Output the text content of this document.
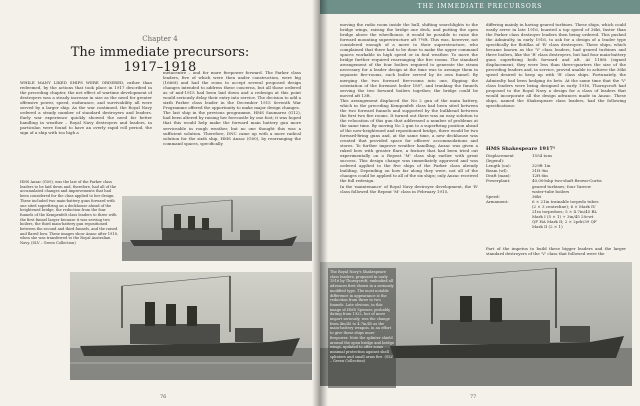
Chapter 4
The immediate precursors:
1917–1918
WHILE MANY LIKED SHIPS WERE ORDERED, rather than redeemed, by the actions that took place in 1917 described in the preceding chapter, the net effect of wartime development of destroyers was a steady increase in size as the need for greater offensive power, speed, endurance, and survivability all were served by a larger ship. As the war continued, the Royal Navy ordered a steady number of standard destroyers and leaders. Early war experience quickly showed the need for better handling in weather – Royal Navy destroyers and leaders, in particular, were found to have an overly rapid roll period, the sign of a ship with too high a
metacentre – and for more firepower forward. The Parker class leaders, five of which were then under construction, were big (1666t) and had the room to accept several proposed design changes intended to address these concerns, but all those ordered as of mid-1915 had been laid down and a redesign at this point would seriously delay their entry into service. The decision to add a sixth Parker class leader in the December 1915 Seventh War Programme offered the opportunity to make major design changes.
The last ship in the previous programme, HMS Saumarez (G12), had been altered by raising her forecastle by one foot; it was hoped that this would help make the forward main battery gun more serviceable in rough weather, but no one thought this was a sufficient solution. Therefore, DNC came up with a more radical solution for the sixth ship, HMS Anzac (G00), by rearranging the command spaces, specifically
HMS Anzac (G00), was the last of the Parker class leaders to be laid down and, therefore, had all of the accumulated changes and improvements that had been considered for the class applied to her design. These included two main-battery guns forward with one sited superfiring on a deckhouse ahead of the heightened bridge, the reduction from the four funnels of the Kempenfelt class leaders to three with the first funnel larger because it was serving two boilers, the third main-battery gun repositioned between the second and third funnels, and the raised and flared bow. These images show Anzac after 1918, when she was transferred to the Royal Australian Navy. (SLV – Green Collection)
76
THE IMMEDIATE PRECURSORS
moving the radio room inside the hull, shifting searchlights to the bridge wings, raising the bridge one deck, and putting the open bridge above the wheelhouse, it would be possible to raise the forward mounting superstructure aft 7½ft. This was, however, not considered enough of a move to their superstructure, who complained that there had to be done to make the upper command spaces workable in high speed or in foul weather. To move the bridge further required rearranging the fire rooms. The standard arrangement of the four boilers required to generate the steam necessary for a leader design at the time was to arrange them in separate fire-rooms, each boiler served by its own funnel. By merging the two forward fire-rooms into one, flipping the orientation of the foremost boiler 180°, and trunking the funnels serving the two forward boilers together, the bridge could be moved aft 13ft.
This arrangement displaced the No 2 gun of the main battery, which in the preceding Kempenfelt class had been sited between the two forward funnels and supported by the bulkhead between the first two fire rooms. It turned out there was an easy solution to the relocation of this gun that addressed a number of problems at the same time. By moving No 2 gun to a superfiring position ahead of the now-heightened and repositioned bridge, there would be two forward-firing guns and, at the same time, a new deckhouse was created that provided space for officers' accommodations and stores. To further improve weather handling, Anzac was given a raked bow with greater flare, a feature that had been tried out experimentally on a Repeat 'M' class ship earlier with great success. This design change was immediately approved and was ordered applied to the five ships of the Parker class already building. Depending on how far along they were, not all of the changes could be applied to all of the six ships; only Anzac received the full redesign.
In the 'maintenance' of Royal Navy destroyer development, the 'R' class followed the Repeat 'M' class in February 1915,
differing mainly in having geared turbines. These ships, which could easily serve in late 1916, boasted a top speed of 36kt, faster than the Parker class destroyer leaders then being ordered. This pushed the Admiralty, in early 1916, to ask for a design of a leader type specifically for flotillas of 'R' class destroyers. These ships, which became known as the 'V' class leaders, had geared turbines and three boilers, like the 'R' class destroyers, but had four main-battery guns superfiring both forward and aft. At 1188t (signed displacement, they were less than three-quarters the size of the preceding leaders and, in service, proved unable to achieve the 36kt speed desired to keep up with 'R' class ships. Fortunately, the Admiralty had been hedging its bets. At the same time that the 'V' class leaders were being designed in early 1916, Thornycroft had proposed to the Royal Navy a design for a class of leaders that would incorporate all the design advances made in Anzac. These ships, named the Shakespeare class leaders, had the following specifications:
HMS Shakespeare 1917¹
Displacement (legend):1554 tons
Length (oa):	329ft 1in
Beam (wl):	31ft 9in
Draft (max):	12ft 6in
Powerplant:	40,000shp two-shaft Brown-Curtis
geared turbines; four Yarrow
water-tube boilers
Speed:	36kt
Armament:	6 × 21in trainable torpedo tubes
(2 × 3 centreline); 6 × Mark IV
21in torpedoes; 5 × 4.7in/45 BL
Mark I (5 × 1) + 3in/45 20cwt
QF HA Mark II; 2 × 2pdr/39 QF
Mark II (2 × 1)
Part of the impetus to build these bigger leaders and the larger standard destroyers of the 'V' class that followed were the
The Royal Navy's Shakespeare class leaders, proposed in early 1916 by Thornycroft, embodied all advances first shown in a seriously modified type. The most notable difference in appearance is the reduction from three to two funnels. Late obvious, in this image of HMS Spenser, probably dating from 1922, but of more import seriously, was the change from 4in/45 to 4.7in/45 as the main-battery weapon, in an effort to give these ships more firepower. Note the splinter shield around the open bridge and bridge wings, updated to offer some minimal protection against shell splinters and small arms fire. (SLV – Green Collection)
77
